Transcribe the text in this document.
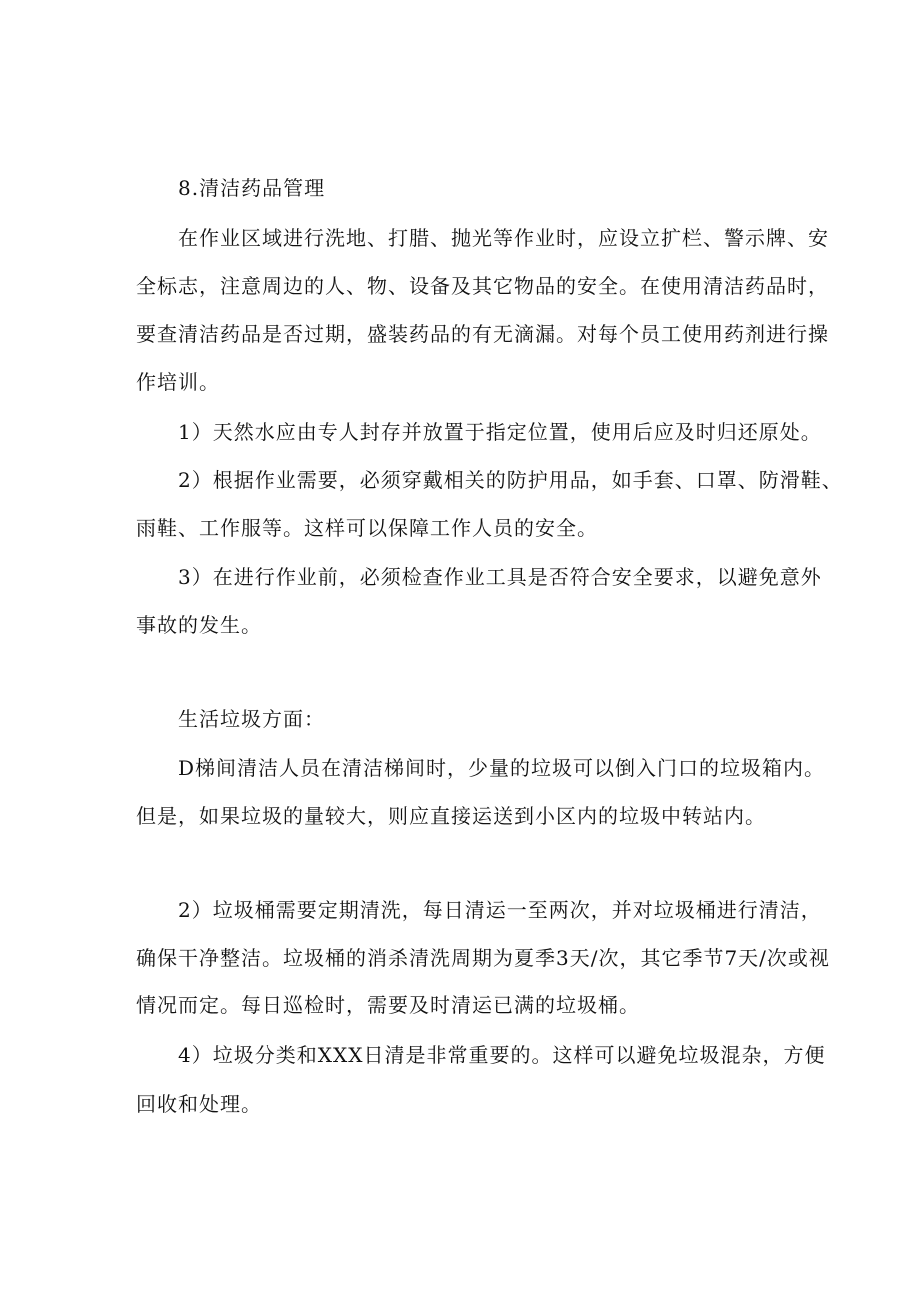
8.清洁药品管理
在作业区域进行洗地、打腊、抛光等作业时，应设立扩栏、警示牌、安
全标志，注意周边的人、物、设备及其它物品的安全。在使用清洁药品时，
要查清洁药品是否过期，盛装药品的有无滴漏。对每个员工使用药剂进行操
作培训。
1）天然水应由专人封存并放置于指定位置，使用后应及时归还原处。
2）根据作业需要，必须穿戴相关的防护用品，如手套、口罩、防滑鞋、
雨鞋、工作服等。这样可以保障工作人员的安全。
3）在进行作业前，必须检查作业工具是否符合安全要求，以避免意外
事故的发生。
生活垃圾方面：
D梯间清洁人员在清洁梯间时，少量的垃圾可以倒入门口的垃圾箱内。
但是，如果垃圾的量较大，则应直接运送到小区内的垃圾中转站内。
2）垃圾桶需要定期清洗，每日清运一至两次，并对垃圾桶进行清洁，
确保干净整洁。垃圾桶的消杀清洗周期为夏季3天/次，其它季节7天/次或视
情况而定。每日巡检时，需要及时清运已满的垃圾桶。
4）垃圾分类和XXX日清是非常重要的。这样可以避免垃圾混杂，方便
回收和处理。
